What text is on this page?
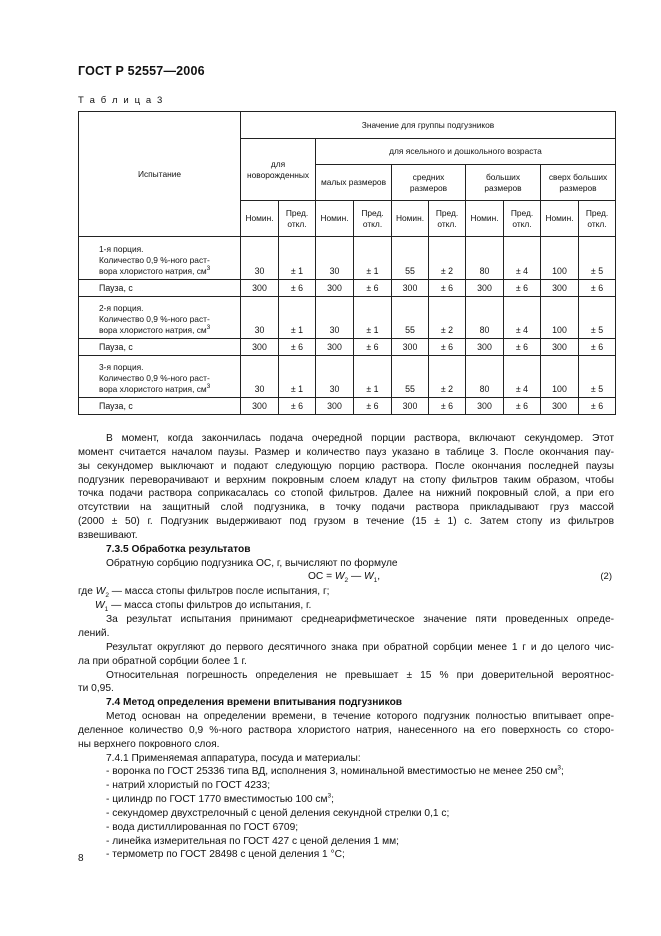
ГОСТ Р 52557—2006
Т а б л и ц а 3
Испытание	Значение для группы подгузников									
	для новорожденных		для ясельного и дошкольного возраста							
			малых размеров		средних размеров		больших размеров		сверх больших размеров	
	Номин.	Пред. откл.	Номин.	Пред. откл.	Номин.	Пред. откл.	Номин.	Пред. откл.	Номин.	Пред. откл.
1-я порция.
Количество 0,9 %-ного раст-
вора хлористого натрия, $см^3$	30	± 1	30	± 1	55	± 2	80	± 4	100	± 5
Пауза, с	300	± 6	300	± 6	300	± 6	300	± 6	300	± 6
2-я порция.
Количество 0,9 %-ного раст-
вора хлористого натрия, $см^3$	30	± 1	30	± 1	55	± 2	80	± 4	100	± 5
Пауза, с	300	± 6	300	± 6	300	± 6	300	± 6	300	± 6
3-я порция.
Количество 0,9 %-ного раст-
вора хлористого натрия, $см^3$	30	± 1	30	± 1	55	± 2	80	± 4	100	± 5
Пауза, с	300	± 6	300	± 6	300	± 6	300	± 6	300	± 6

В момент, когда закончилась подача очередной порции раствора, включают секундомер. Этот

момент считается началом паузы. Размер и количество пауз указано в таблице 3. После окончания пау-

зы секундомер выключают и подают следующую порцию раствора. После окончания последней паузы

подгузник переворачивают и верхним покровным слоем кладут на стопу фильтров таким образом, чтобы

точка подачи раствора соприкасалась со стопой фильтров. Далее на нижний покровный слой, а при его

отсутствии на защитный слой подгузника, в точку подачи раствора прикладывают груз массой

(2000 ± 50) г. Подгузник выдерживают под грузом в течение (15 ± 1) с. Затем стопу из фильтров

взвешивают.

7.3.5 Обработка результатов

Обратную сорбцию подгузника ОС, г, вычисляют по формуле

ОС = $W_2$ — $W_1$,	(2)

где $W_2$ — масса стопы фильтров после испытания, г;

$W_1$ — масса стопы фильтров до испытания, г.

За результат испытания принимают среднеарифметическое значение пяти проведенных опреде-

лений.

Результат округляют до первого десятичного знака при обратной сорбции менее 1 г и до целого чис-

ла при обратной сорбции более 1 г.

Относительная погрешность определения не превышает ± 15 % при доверительной вероятнос-

ти 0,95.

7.4 Метод определения времени впитывания подгузников

Метод основан на определении времени, в течение которого подгузник полностью впитывает опре-

деленное количество 0,9 %-ного раствора хлористого натрия, нанесенного на его поверхность со сторо-

ны верхнего покровного слоя.

7.4.1 Применяемая аппаратура, посуда и материалы:

- воронка по ГОСТ 25336 типа ВД, исполнения 3, номинальной вместимостью не менее 250 $см^3$;

- натрий хлористый по ГОСТ 4233;

- цилиндр по ГОСТ 1770 вместимостью 100 $см^3$;

- секундомер двухстрелочный с ценой деления секундной стрелки 0,1 с;

- вода дистиллированная по ГОСТ 6709;

- линейка измерительная по ГОСТ 427 с ценой деления 1 мм;

- термометр по ГОСТ 28498 с ценой деления 1 °С;

8
